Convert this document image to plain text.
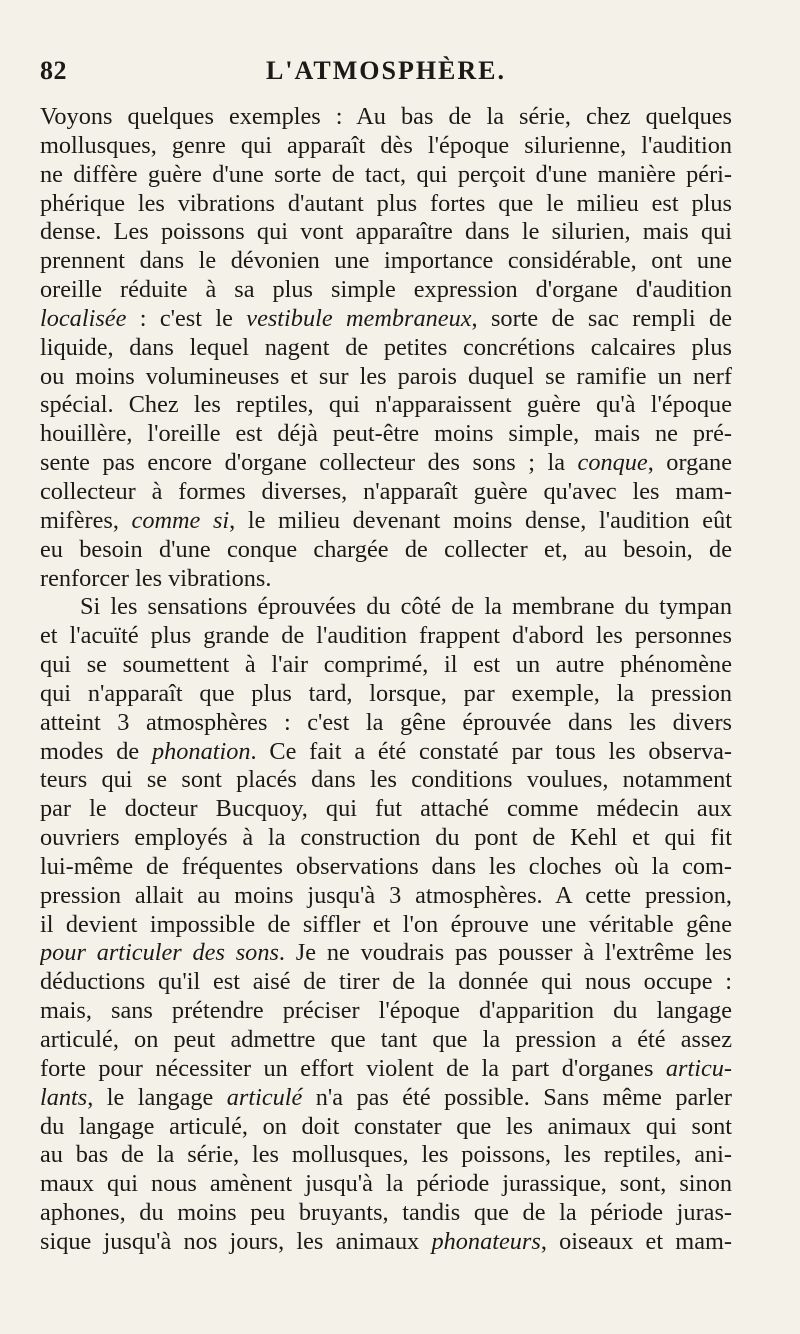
82	L'ATMOSPHÈRE.
Voyons quelques exemples : Au bas de la série, chez quelques
mollusques, genre qui apparaît dès l'époque silurienne, l'audition
ne diffère guère d'une sorte de tact, qui perçoit d'une manière péri-
phérique les vibrations d'autant plus fortes que le milieu est plus
dense. Les poissons qui vont apparaître dans le silurien, mais qui
prennent dans le dévonien une importance considérable, ont une
oreille réduite à sa plus simple expression d'organe d'audition
localisée : c'est le vestibule membraneux, sorte de sac rempli de
liquide, dans lequel nagent de petites concrétions calcaires plus
ou moins volumineuses et sur les parois duquel se ramifie un nerf
spécial. Chez les reptiles, qui n'apparaissent guère qu'à l'époque
houillère, l'oreille est déjà peut-être moins simple, mais ne pré-
sente pas encore d'organe collecteur des sons ; la conque, organe
collecteur à formes diverses, n'apparaît guère qu'avec les mam-
mifères, comme si, le milieu devenant moins dense, l'audition eût
eu besoin d'une conque chargée de collecter et, au besoin, de
renforcer les vibrations.
Si les sensations éprouvées du côté de la membrane du tympan
et l'acuïté plus grande de l'audition frappent d'abord les personnes
qui se soumettent à l'air comprimé, il est un autre phénomène
qui n'apparaît que plus tard, lorsque, par exemple, la pression
atteint 3 atmosphères : c'est la gêne éprouvée dans les divers
modes de phonation. Ce fait a été constaté par tous les observa-
teurs qui se sont placés dans les conditions voulues, notamment
par le docteur Bucquoy, qui fut attaché comme médecin aux
ouvriers employés à la construction du pont de Kehl et qui fit
lui-même de fréquentes observations dans les cloches où la com-
pression allait au moins jusqu'à 3 atmosphères. A cette pression,
il devient impossible de siffler et l'on éprouve une véritable gêne
pour articuler des sons. Je ne voudrais pas pousser à l'extrême les
déductions qu'il est aisé de tirer de la donnée qui nous occupe :
mais, sans prétendre préciser l'époque d'apparition du langage
articulé, on peut admettre que tant que la pression a été assez
forte pour nécessiter un effort violent de la part d'organes articu-
lants, le langage articulé n'a pas été possible. Sans même parler
du langage articulé, on doit constater que les animaux qui sont
au bas de la série, les mollusques, les poissons, les reptiles, ani-
maux qui nous amènent jusqu'à la période jurassique, sont, sinon
aphones, du moins peu bruyants, tandis que de la période juras-
sique jusqu'à nos jours, les animaux phonateurs, oiseaux et mam-
